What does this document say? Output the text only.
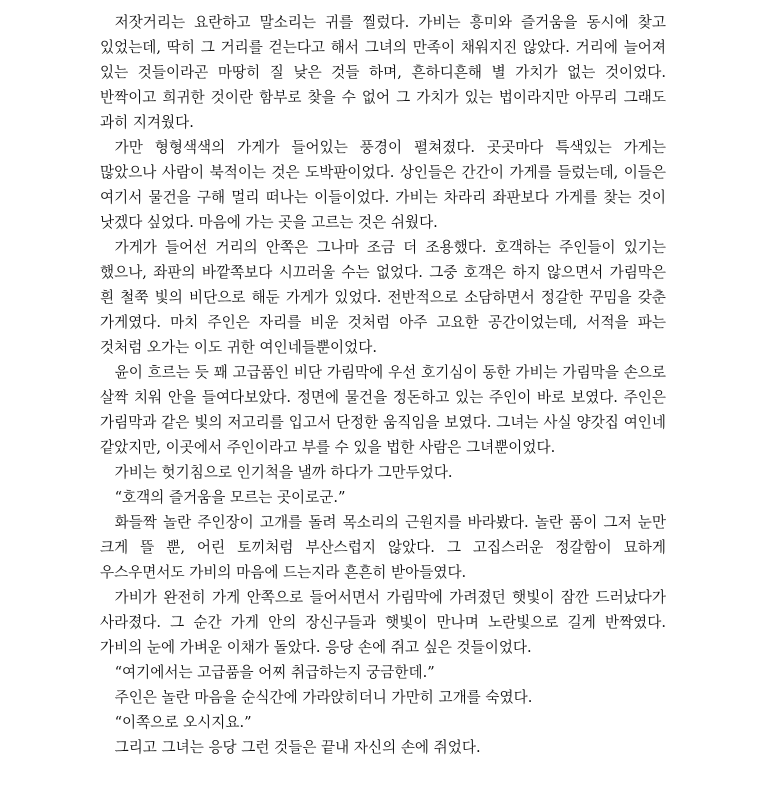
저잣거리는 요란하고 말소리는 귀를 찔렀다. 가비는 흥미와 즐거움을 동시에 찾고 있었는데, 딱히 그 거리를 걷는다고 해서 그녀의 만족이 채워지진 않았다. 거리에 늘어져 있는 것들이라곤 마땅히 질 낮은 것들 하며, 흔하디흔해 별 가치가 없는 것이었다. 반짝이고 희귀한 것이란 함부로 찾을 수 없어 그 가치가 있는 법이라지만 아무리 그래도 과히 지겨웠다.

가만 형형색색의 가게가 들어있는 풍경이 펼쳐졌다. 곳곳마다 특색있는 가게는 많았으나 사람이 북적이는 것은 도박판이었다. 상인들은 간간이 가게를 들렀는데, 이들은 여기서 물건을 구해 멀리 떠나는 이들이었다. 가비는 차라리 좌판보다 가게를 찾는 것이 낫겠다 싶었다. 마음에 가는 곳을 고르는 것은 쉬웠다.

가게가 들어선 거리의 안쪽은 그나마 조금 더 조용했다. 호객하는 주인들이 있기는 했으나, 좌판의 바깥쪽보다 시끄러울 수는 없었다. 그중 호객은 하지 않으면서 가림막은 흰 철쭉 빛의 비단으로 해둔 가게가 있었다. 전반적으로 소담하면서 정갈한 꾸밈을 갖춘 가게였다. 마치 주인은 자리를 비운 것처럼 아주 고요한 공간이었는데, 서적을 파는 것처럼 오가는 이도 귀한 여인네들뿐이었다.

윤이 흐르는 듯 꽤 고급품인 비단 가림막에 우선 호기심이 동한 가비는 가림막을 손으로 살짝 치워 안을 들여다보았다. 정면에 물건을 정돈하고 있는 주인이 바로 보였다. 주인은 가림막과 같은 빛의 저고리를 입고서 단정한 움직임을 보였다. 그녀는 사실 양갓집 여인네 같았지만, 이곳에서 주인이라고 부를 수 있을 법한 사람은 그녀뿐이었다.

가비는 헛기침으로 인기척을 낼까 하다가 그만두었다.

“호객의 즐거움을 모르는 곳이로군.”

화들짝 놀란 주인장이 고개를 돌려 목소리의 근원지를 바라봤다. 놀란 품이 그저 눈만 크게 뜰 뿐, 어린 토끼처럼 부산스럽지 않았다. 그 고집스러운 정갈함이 묘하게 우스우면서도 가비의 마음에 드는지라 흔흔히 받아들였다.

가비가 완전히 가게 안쪽으로 들어서면서 가림막에 가려졌던 햇빛이 잠깐 드러났다가 사라졌다. 그 순간 가게 안의 장신구들과 햇빛이 만나며 노란빛으로 길게 반짝였다. 가비의 눈에 가벼운 이채가 돌았다. 응당 손에 쥐고 싶은 것들이었다.

“여기에서는 고급품을 어찌 취급하는지 궁금한데.”

주인은 놀란 마음을 순식간에 가라앉히더니 가만히 고개를 숙였다.

“이쪽으로 오시지요.”

그리고 그녀는 응당 그런 것들은 끝내 자신의 손에 쥐었다.
